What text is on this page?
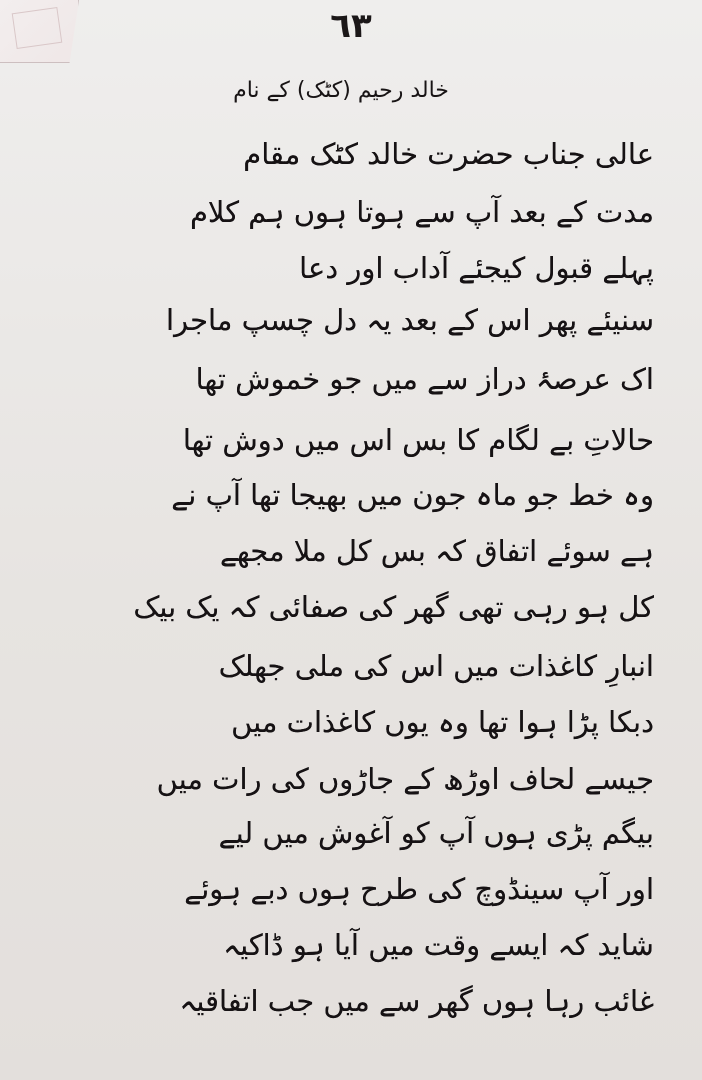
٦٣
خالد رحیم (کٹک) کے نام
عالی جناب حضرت خالد کٹک مقام
مدت کے بعد آپ سے ہوتا ہوں ہم کلام
پہلے قبول کیجئے آداب اور دعا
سنیئے پھر اس کے بعد یہ دل چسپ ماجرا
اک عرصۂ دراز سے میں جو خموش تھا
حالاتِ بے لگام کا بس اس میں دوش تھا
وہ خط جو ماہ جون میں بھیجا تھا آپ نے
ہے سوئے اتفاق کہ بس کل ملا مجھے
کل ہو رہی تھی گھر کی صفائی کہ یک بیک
انبارِ کاغذات میں اس کی ملی جھلک
دبکا پڑا ہوا تھا وہ یوں کاغذات میں
جیسے لحاف اوڑھ کے جاڑوں کی رات میں
بیگم پڑی ہوں آپ کو آغوش میں لیے
اور آپ سینڈوچ کی طرح ہوں دبے ہوئے
شاید کہ ایسے وقت میں آیا ہو ڈاکیہ
غائب رہا ہوں گھر سے میں جب اتفاقیہ
